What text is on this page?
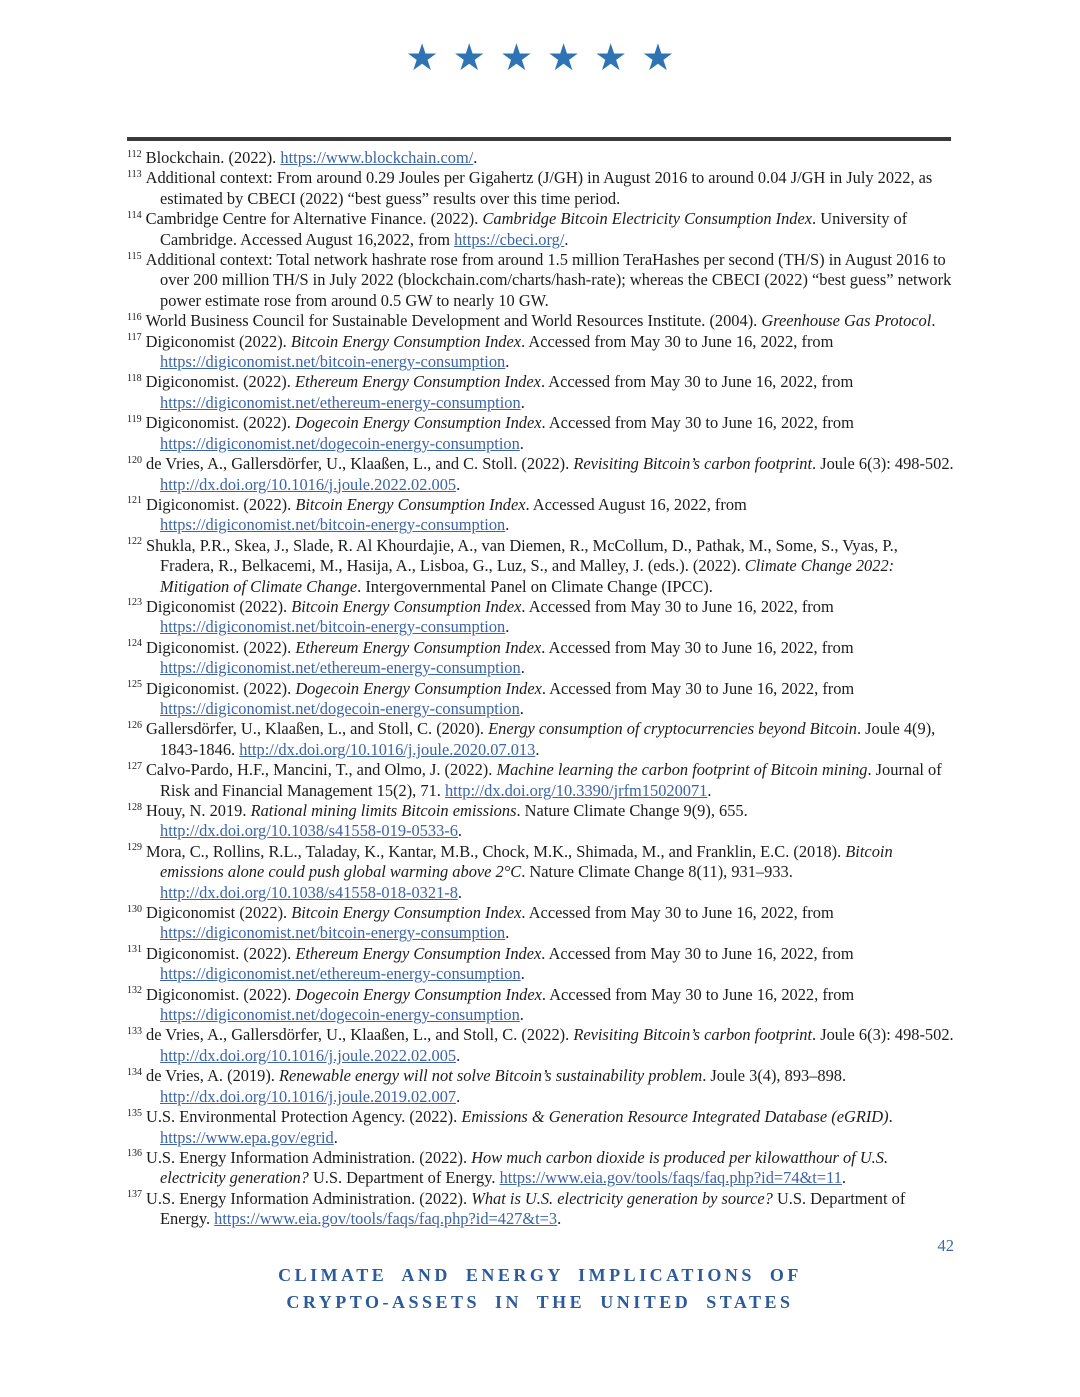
★ ★ ★ ★ ★ ★
$^{112}$ Blockchain. (2022). https://www.blockchain.com/.
$^{113}$ Additional context: From around 0.29 Joules per Gigahertz (J/GH) in August 2016 to around 0.04 J/GH in July 2022, as estimated by CBECI (2022) “best guess” results over this time period.
$^{114}$ Cambridge Centre for Alternative Finance. (2022). Cambridge Bitcoin Electricity Consumption Index. University of Cambridge. Accessed August 16,2022, from https://cbeci.org/.
$^{115}$ Additional context: Total network hashrate rose from around 1.5 million TeraHashes per second (TH/S) in August 2016 to over 200 million TH/S in July 2022 (blockchain.com/charts/hash-rate); whereas the CBECI (2022) “best guess” network power estimate rose from around 0.5 GW to nearly 10 GW.
$^{116}$ World Business Council for Sustainable Development and World Resources Institute. (2004). Greenhouse Gas Protocol.
$^{117}$ Digiconomist (2022). Bitcoin Energy Consumption Index. Accessed from May 30 to June 16, 2022, from https://digiconomist.net/bitcoin-energy-consumption.
$^{118}$ Digiconomist. (2022). Ethereum Energy Consumption Index. Accessed from May 30 to June 16, 2022, from https://digiconomist.net/ethereum-energy-consumption.
$^{119}$ Digiconomist. (2022). Dogecoin Energy Consumption Index. Accessed from May 30 to June 16, 2022, from https://digiconomist.net/dogecoin-energy-consumption.
$^{120}$ de Vries, A., Gallersdörfer, U., Klaaßen, L., and C. Stoll. (2022). Revisiting Bitcoin’s carbon footprint. Joule 6(3): 498-502. http://dx.doi.org/10.1016/j.joule.2022.02.005.
$^{121}$ Digiconomist. (2022). Bitcoin Energy Consumption Index. Accessed August 16, 2022, from https://digiconomist.net/bitcoin-energy-consumption.
$^{122}$ Shukla, P.R., Skea, J., Slade, R. Al Khourdajie, A., van Diemen, R., McCollum, D., Pathak, M., Some, S., Vyas, P., Fradera, R., Belkacemi, M., Hasija, A., Lisboa, G., Luz, S., and Malley, J. (eds.). (2022). Climate Change 2022: Mitigation of Climate Change. Intergovernmental Panel on Climate Change (IPCC).
$^{123}$ Digiconomist (2022). Bitcoin Energy Consumption Index. Accessed from May 30 to June 16, 2022, from https://digiconomist.net/bitcoin-energy-consumption.
$^{124}$ Digiconomist. (2022). Ethereum Energy Consumption Index. Accessed from May 30 to June 16, 2022, from https://digiconomist.net/ethereum-energy-consumption.
$^{125}$ Digiconomist. (2022). Dogecoin Energy Consumption Index. Accessed from May 30 to June 16, 2022, from https://digiconomist.net/dogecoin-energy-consumption.
$^{126}$ Gallersdörfer, U., Klaaßen, L., and Stoll, C. (2020). Energy consumption of cryptocurrencies beyond Bitcoin. Joule 4(9), 1843-1846. http://dx.doi.org/10.1016/j.joule.2020.07.013.
$^{127}$ Calvo-Pardo, H.F., Mancini, T., and Olmo, J. (2022). Machine learning the carbon footprint of Bitcoin mining. Journal of Risk and Financial Management 15(2), 71. http://dx.doi.org/10.3390/jrfm15020071.
$^{128}$ Houy, N. 2019. Rational mining limits Bitcoin emissions. Nature Climate Change 9(9), 655. http://dx.doi.org/10.1038/s41558-019-0533-6.
$^{129}$ Mora, C., Rollins, R.L., Taladay, K., Kantar, M.B., Chock, M.K., Shimada, M., and Franklin, E.C. (2018). Bitcoin emissions alone could push global warming above 2°C. Nature Climate Change 8(11), 931–933. http://dx.doi.org/10.1038/s41558-018-0321-8.
$^{130}$ Digiconomist (2022). Bitcoin Energy Consumption Index. Accessed from May 30 to June 16, 2022, from https://digiconomist.net/bitcoin-energy-consumption.
$^{131}$ Digiconomist. (2022). Ethereum Energy Consumption Index. Accessed from May 30 to June 16, 2022, from https://digiconomist.net/ethereum-energy-consumption.
$^{132}$ Digiconomist. (2022). Dogecoin Energy Consumption Index. Accessed from May 30 to June 16, 2022, from https://digiconomist.net/dogecoin-energy-consumption.
$^{133}$ de Vries, A., Gallersdörfer, U., Klaaßen, L., and Stoll, C. (2022). Revisiting Bitcoin’s carbon footprint. Joule 6(3): 498-502. http://dx.doi.org/10.1016/j.joule.2022.02.005.
$^{134}$ de Vries, A. (2019). Renewable energy will not solve Bitcoin’s sustainability problem. Joule 3(4), 893–898. http://dx.doi.org/10.1016/j.joule.2019.02.007.
$^{135}$ U.S. Environmental Protection Agency. (2022). Emissions & Generation Resource Integrated Database (eGRID). https://www.epa.gov/egrid.
$^{136}$ U.S. Energy Information Administration. (2022). How much carbon dioxide is produced per kilowatthour of U.S. electricity generation? U.S. Department of Energy. https://www.eia.gov/tools/faqs/faq.php?id=74&t=11.
$^{137}$ U.S. Energy Information Administration. (2022). What is U.S. electricity generation by source? U.S. Department of Energy. https://www.eia.gov/tools/faqs/faq.php?id=427&t=3.
42
CLIMATE AND ENERGY IMPLICATIONS OF
CRYPTO-ASSETS IN THE UNITED STATES
